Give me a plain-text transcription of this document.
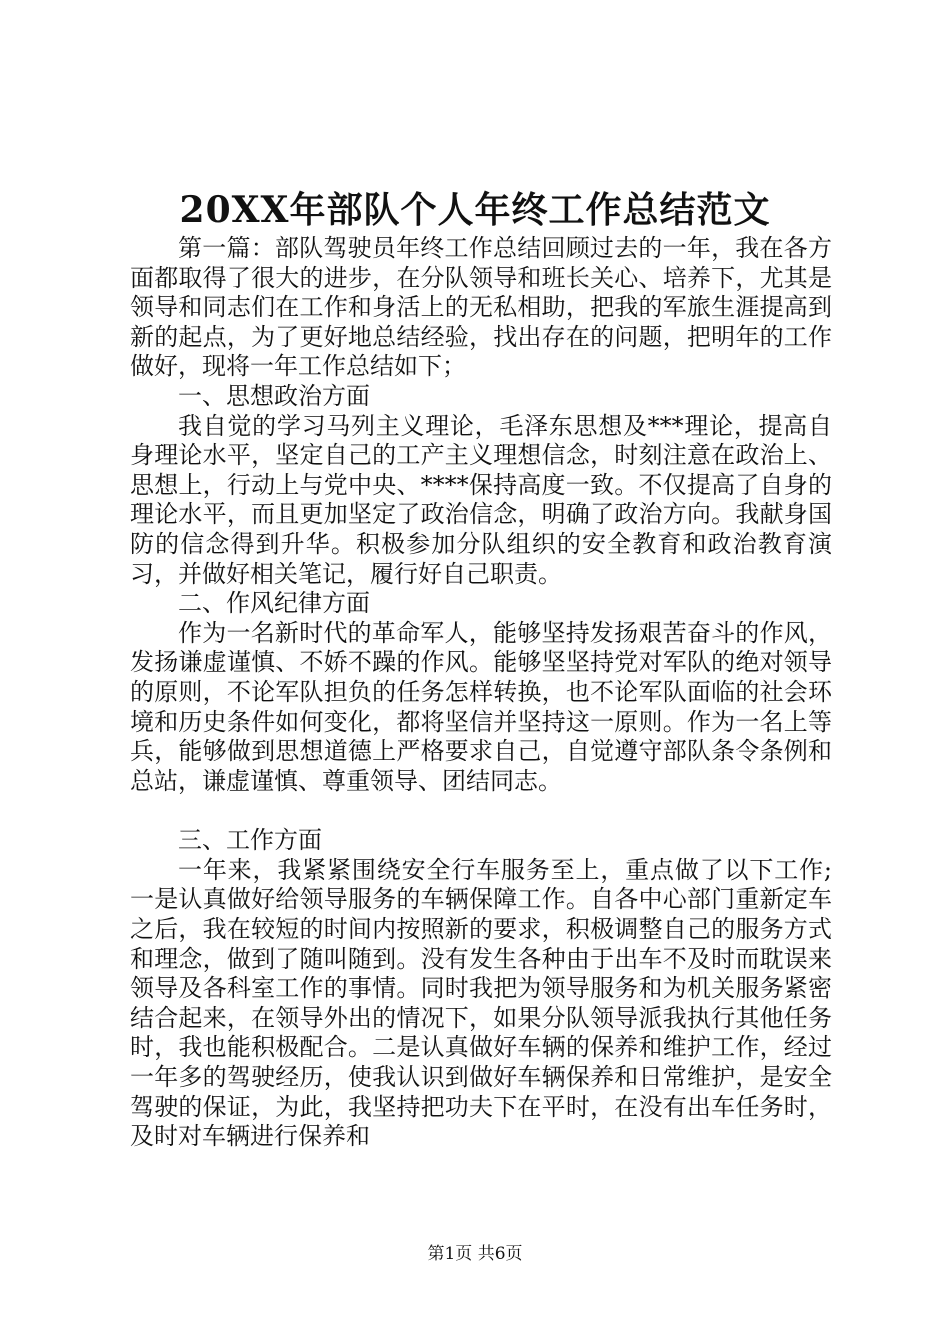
20XX年部队个人年终工作总结范文

第一篇：部队驾驶员年终工作总结回顾过去的一年，我在各方面都取得了很大的进步，在分队领导和班长关心、培养下，尤其是领导和同志们在工作和身活上的无私相助，把我的军旅生涯提高到新的起点，为了更好地总结经验，找出存在的问题，把明年的工作做好，现将一年工作总结如下；

一、思想政治方面

我自觉的学习马列主义理论，毛泽东思想及***理论，提高自身理论水平，坚定自己的工产主义理想信念，时刻注意在政治上、思想上，行动上与党中央、****保持高度一致。不仅提高了自身的理论水平，而且更加坚定了政治信念，明确了政治方向。我献身国防的信念得到升华。积极参加分队组织的安全教育和政治教育演习，并做好相关笔记，履行好自己职责。

二、作风纪律方面

作为一名新时代的革命军人，能够坚持发扬艰苦奋斗的作风，发扬谦虚谨慎、不娇不躁的作风。能够坚坚持党对军队的绝对领导的原则，不论军队担负的任务怎样转换，也不论军队面临的社会环境和历史条件如何变化，都将坚信并坚持这一原则。作为一名上等兵，能够做到思想道德上严格要求自己，自觉遵守部队条令条例和总站，谦虚谨慎、尊重领导、团结同志。

三、工作方面

一年来，我紧紧围绕安全行车服务至上，重点做了以下工作;一是认真做好给领导服务的车辆保障工作。自各中心部门重新定车之后，我在较短的时间内按照新的要求，积极调整自己的服务方式和理念，做到了随叫随到。没有发生各种由于出车不及时而耽误来领导及各科室工作的事情。同时我把为领导服务和为机关服务紧密结合起来，在领导外出的情况下，如果分队领导派我执行其他任务时，我也能积极配合。二是认真做好车辆的保养和维护工作，经过一年多的驾驶经历，使我认识到做好车辆保养和日常维护，是安全驾驶的保证，为此，我坚持把功夫下在平时，在没有出车任务时，及时对车辆进行保养和

第1页 共6页
